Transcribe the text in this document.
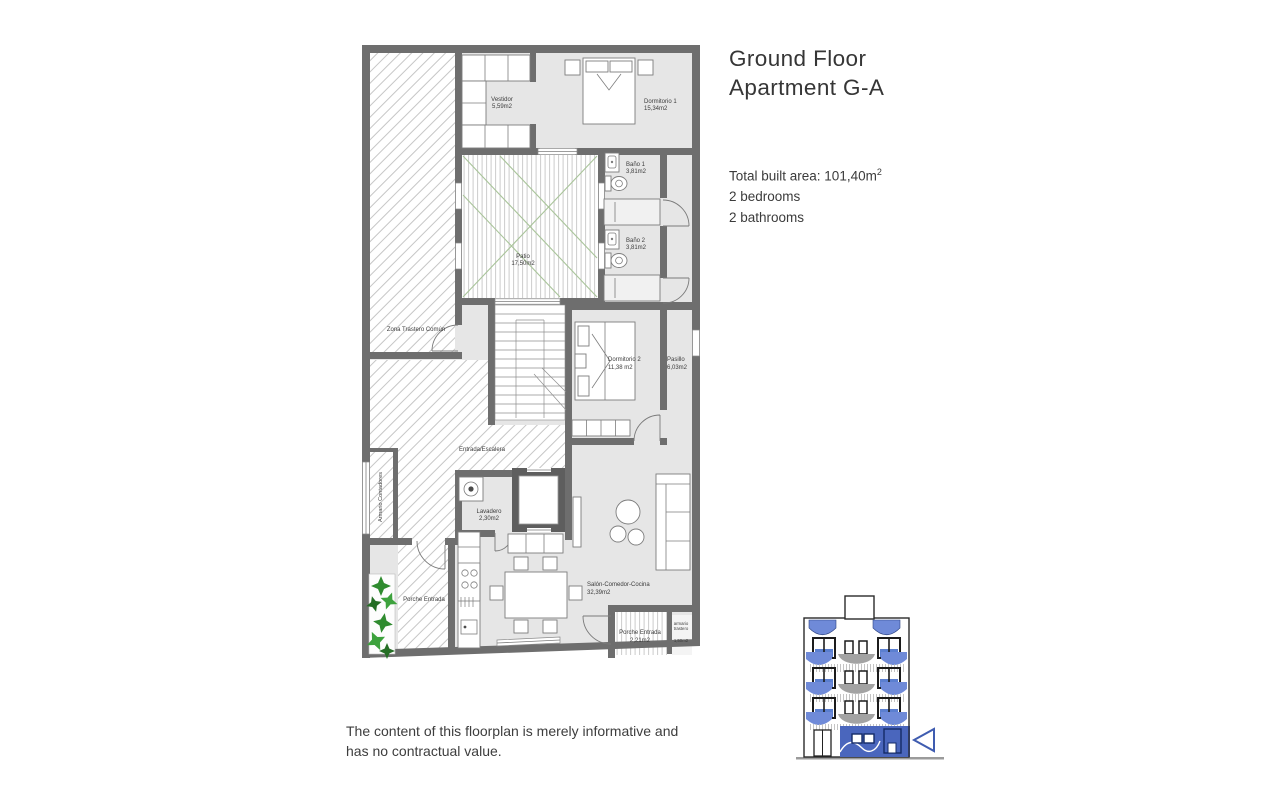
Vestidor
5,59m2
Dormitorio 1
15,34m2
Baño 1
3,81m2
Baño 2
3,81m2
Patio
17,50m2
Zona Trastero Común
Dormitorio 2
11,38 m2
Pasillo
6,03m2
Entrada/Escalera
Armario Contadores	Lavadero
2,30m2
Salón-Comedor-Cocina
32,39m2
Porche Entrada
Porche Entrada
2,21m2
armario
trastero
1,50m2
Ground Floor
Apartment G-A
Total built area: $101,40m^2$
2 bedrooms
2 bathrooms
The content of this floorplan is merely informative and
has no contractual value.
